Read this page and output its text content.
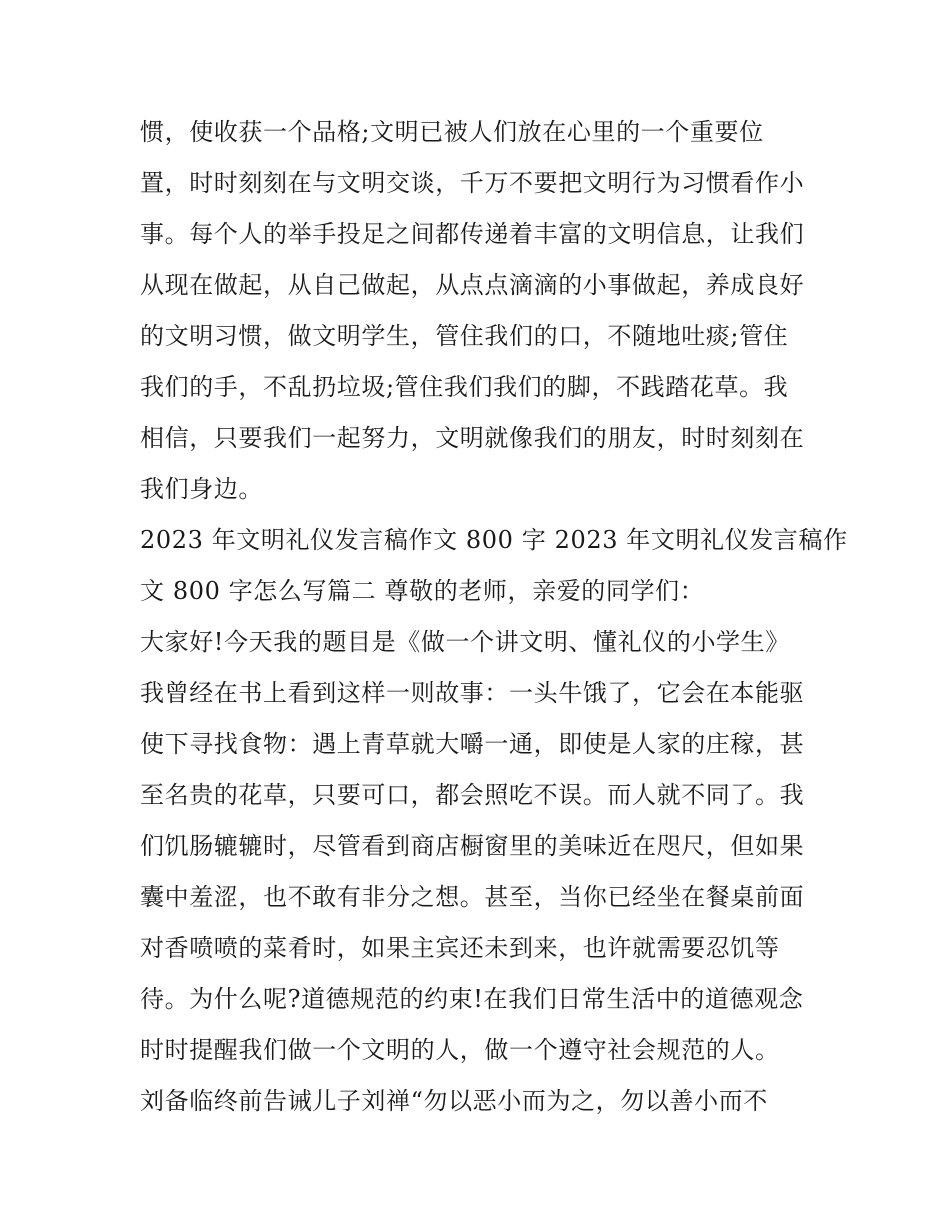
惯，使收获一个品格;文明已被人们放在心里的一个重要位
置，时时刻刻在与文明交谈，千万不要把文明行为习惯看作小
事。每个人的举手投足之间都传递着丰富的文明信息，让我们
从现在做起，从自己做起，从点点滴滴的小事做起，养成良好
的文明习惯，做文明学生，管住我们的口，不随地吐痰;管住
我们的手，不乱扔垃圾;管住我们我们的脚，不践踏花草。我
相信，只要我们一起努力，文明就像我们的朋友，时时刻刻在
我们身边。
2023 年文明礼仪发言稿作文 800 字 2023 年文明礼仪发言稿作
文 800 字怎么写篇二 尊敬的老师，亲爱的同学们：
大家好!今天我的题目是《做一个讲文明、懂礼仪的小学生》
我曾经在书上看到这样一则故事：一头牛饿了，它会在本能驱
使下寻找食物：遇上青草就大嚼一通，即使是人家的庄稼，甚
至名贵的花草，只要可口，都会照吃不误。而人就不同了。我
们饥肠辘辘时，尽管看到商店橱窗里的美味近在咫尺，但如果
囊中羞涩，也不敢有非分之想。甚至，当你已经坐在餐桌前面
对香喷喷的菜肴时，如果主宾还未到来，也许就需要忍饥等
待。为什么呢?道德规范的约束!在我们日常生活中的道德观念
时时提醒我们做一个文明的人，做一个遵守社会规范的人。
刘备临终前告诫儿子刘禅“勿以恶小而为之，勿以善小而不
